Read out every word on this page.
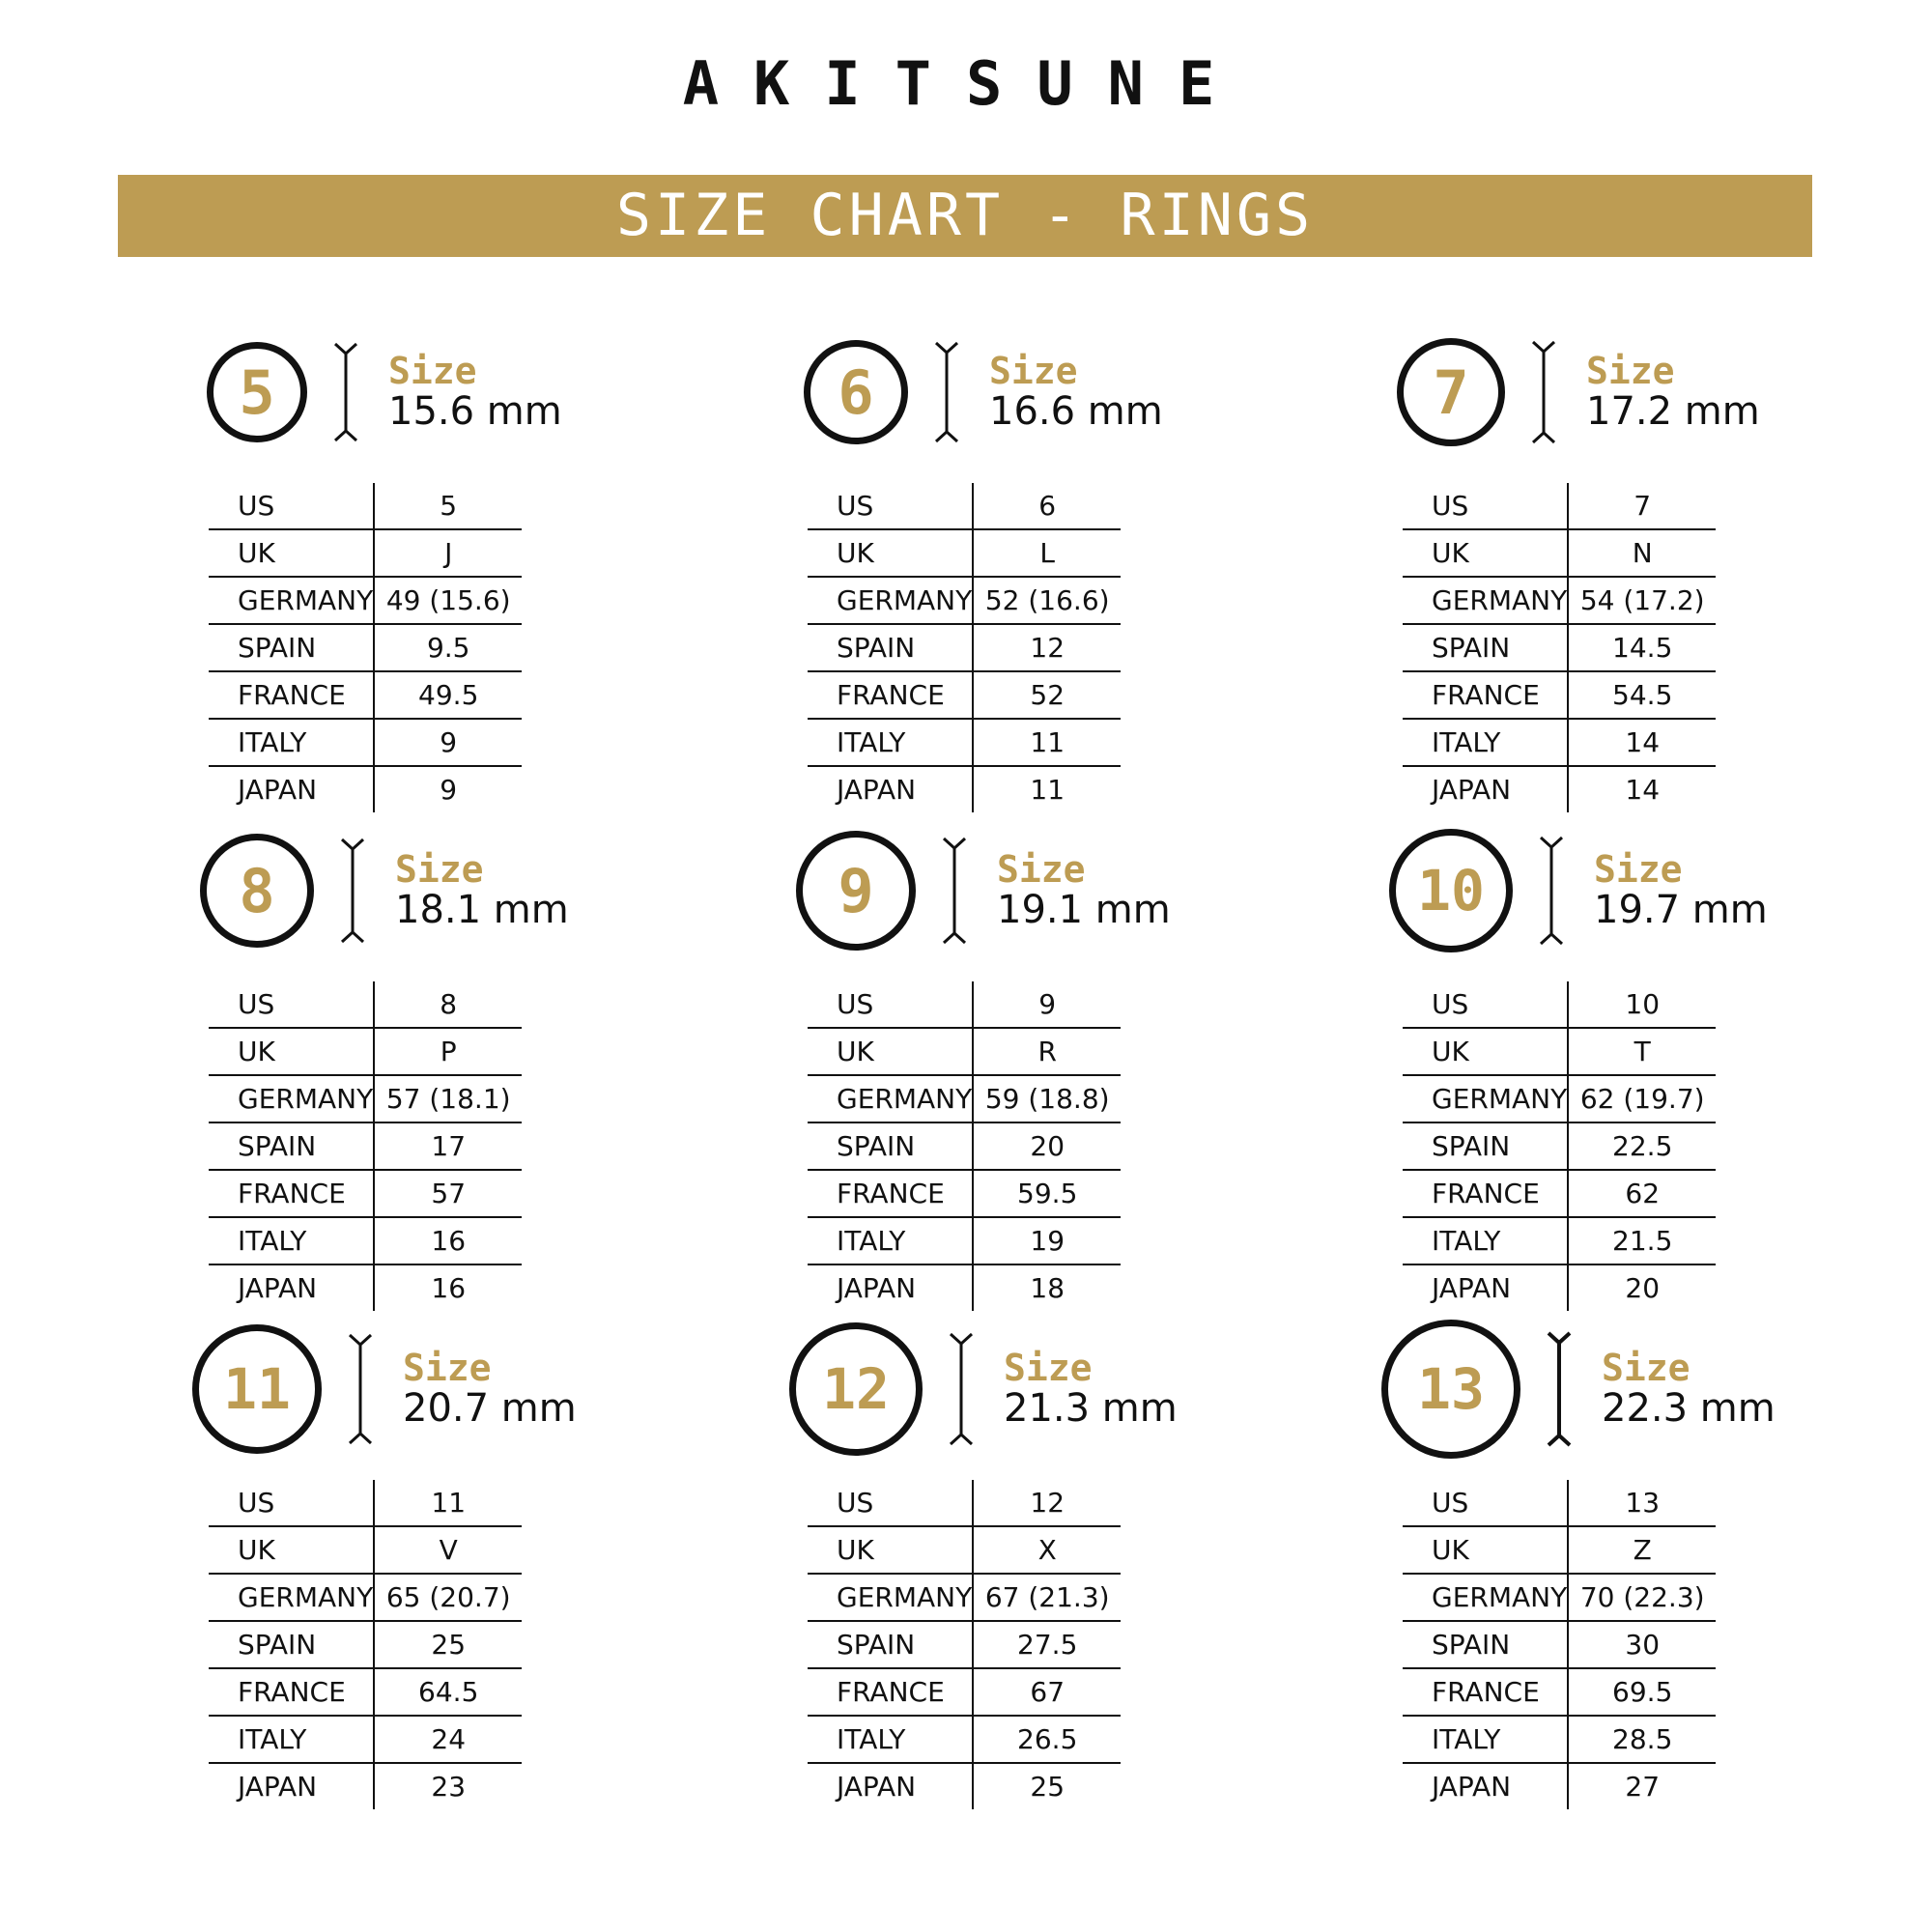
AKITSUNE
SIZE CHART - RINGS
5	Size
15.6 mm
US	5
UK	J
GERMANY	49 (15.6)
SPAIN	9.5
FRANCE	49.5
ITALY	9
JAPAN	9
6	Size
16.6 mm
US	6
UK	L
GERMANY	52 (16.6)
SPAIN	12
FRANCE	52
ITALY	11
JAPAN	11
7	Size
17.2 mm
US	7
UK	N
GERMANY	54 (17.2)
SPAIN	14.5
FRANCE	54.5
ITALY	14
JAPAN	14
8	Size
18.1 mm
US	8
UK	P
GERMANY	57 (18.1)
SPAIN	17
FRANCE	57
ITALY	16
JAPAN	16
9	Size
19.1 mm
US	9
UK	R
GERMANY	59 (18.8)
SPAIN	20
FRANCE	59.5
ITALY	19
JAPAN	18
10	Size
19.7 mm
US	10
UK	T
GERMANY	62 (19.7)
SPAIN	22.5
FRANCE	62
ITALY	21.5
JAPAN	20
11	Size
20.7 mm
US	11
UK	V
GERMANY	65 (20.7)
SPAIN	25
FRANCE	64.5
ITALY	24
JAPAN	23
12	Size
21.3 mm
US	12
UK	X
GERMANY	67 (21.3)
SPAIN	27.5
FRANCE	67
ITALY	26.5
JAPAN	25
13	Size
22.3 mm
US	13
UK	Z
GERMANY	70 (22.3)
SPAIN	30
FRANCE	69.5
ITALY	28.5
JAPAN	27
